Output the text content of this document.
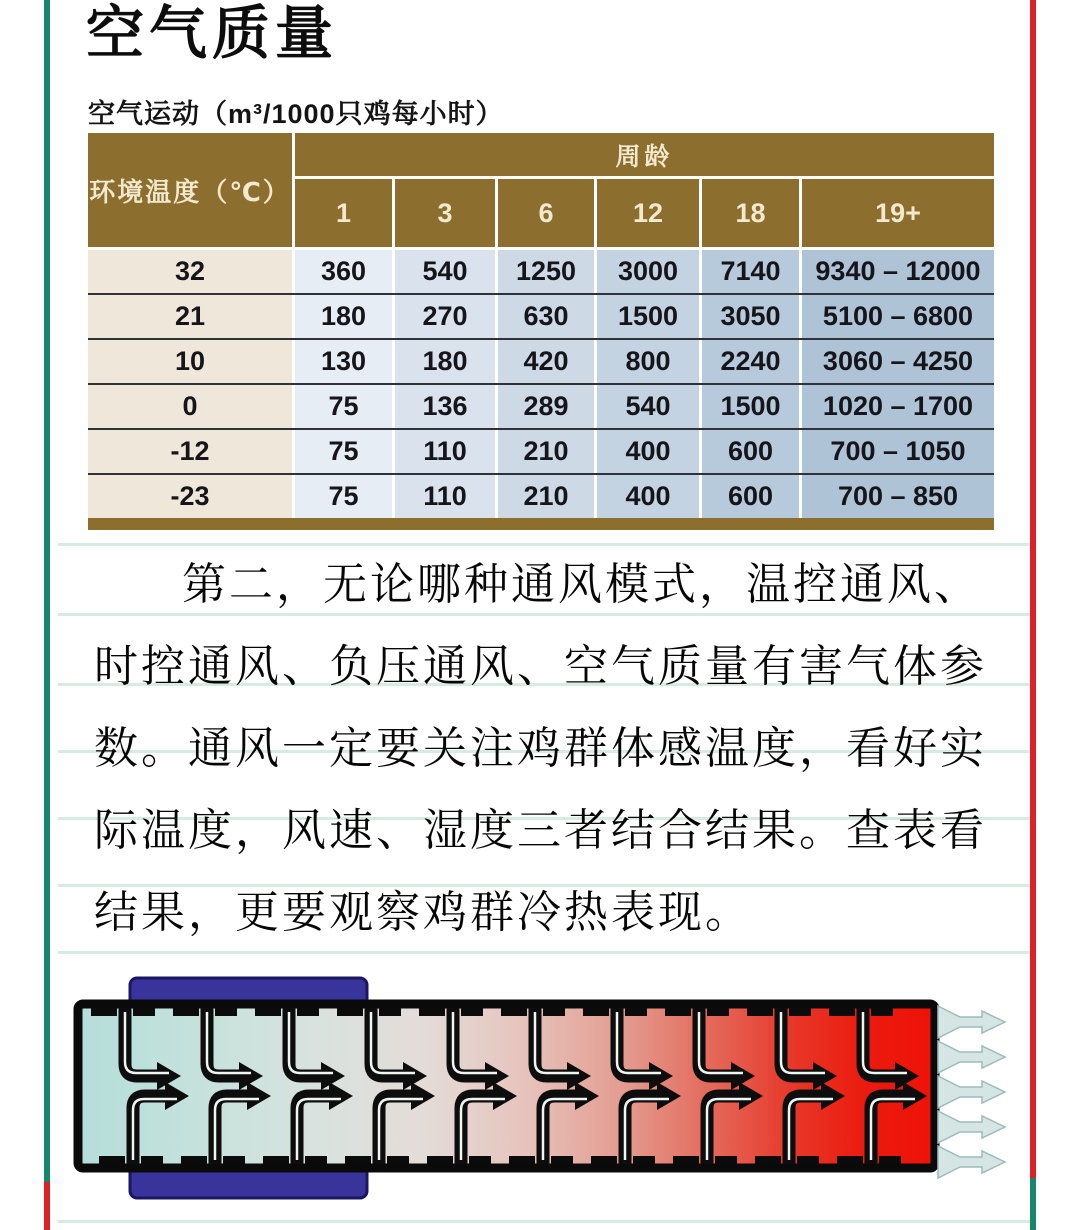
空气质量
空气运动（m³/1000只鸡每小时）
环境温度（℃）
周龄
1	3	6	12	18	19+
32	360	540	1250	3000	7140	9340 – 12000
21	180	270	630	1500	3050	5100 – 6800
10	130	180	420	800	2240	3060 – 4250
0	75	136	289	540	1500	1020 – 1700
-12	75	110	210	400	600	700 – 1050
-23	75	110	210	400	600	700 – 850
第二，无论哪种通风模式，温控通风、
时控通风、负压通风、空气质量有害气体参
数。通风一定要关注鸡群体感温度，看好实
际温度，风速、湿度三者结合结果。查表看
结果，更要观察鸡群冷热表现。
